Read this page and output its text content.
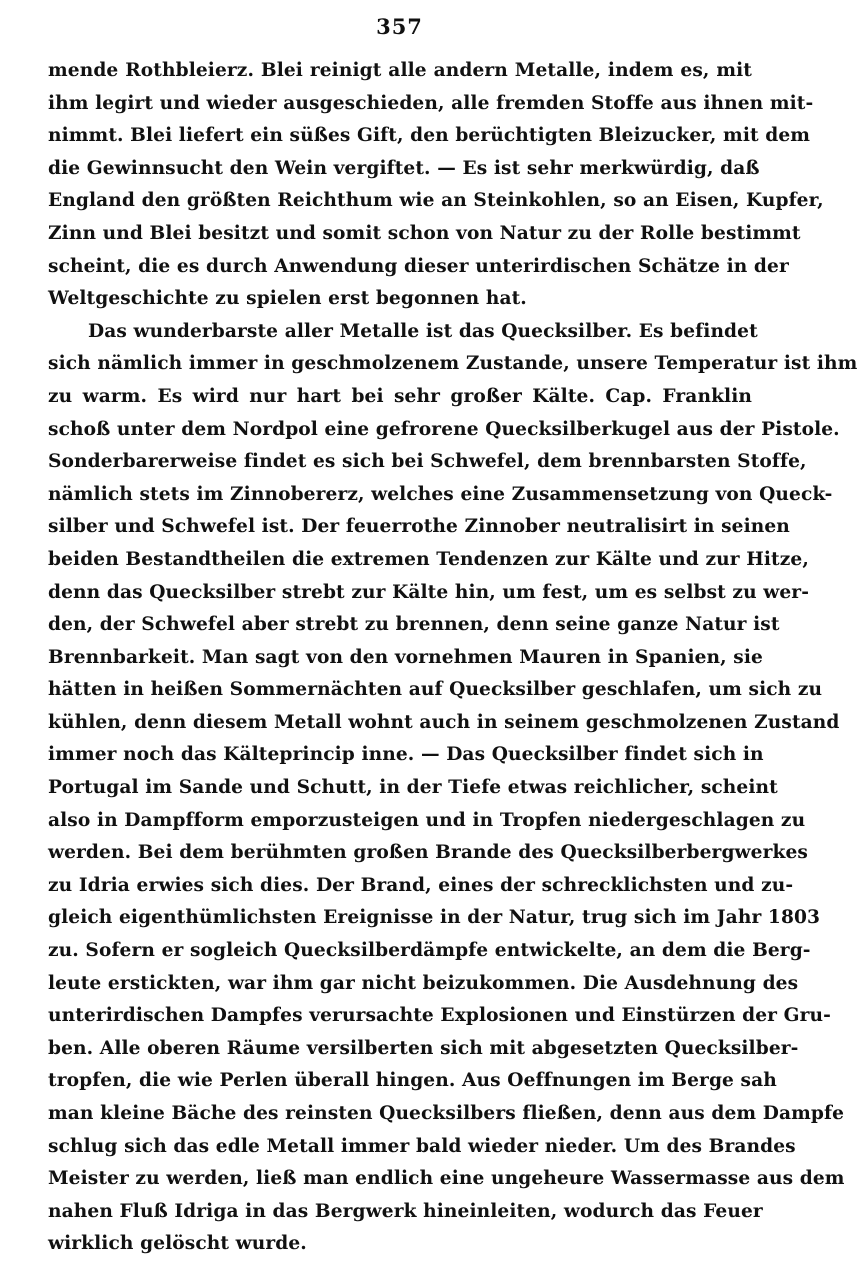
357
mende Rothbleierz. Blei reinigt alle andern Metalle, indem es, mit
ihm legirt und wieder ausgeschieden, alle fremden Stoffe aus ihnen mit-
nimmt. Blei liefert ein süßes Gift, den berüchtigten Bleizucker, mit dem
die Gewinnsucht den Wein vergiftet. — Es ist sehr merkwürdig, daß
England den größten Reichthum wie an Steinkohlen, so an Eisen, Kupfer,
Zinn und Blei besitzt und somit schon von Natur zu der Rolle bestimmt
scheint, die es durch Anwendung dieser unterirdischen Schätze in der
Weltgeschichte zu spielen erst begonnen hat.
Das wunderbarste aller Metalle ist das Quecksilber. Es befindet
sich nämlich immer in geschmolzenem Zustande, unsere Temperatur ist ihm
zu warm. Es wird nur hart bei sehr großer Kälte. Cap. Franklin
schoß unter dem Nordpol eine gefrorene Quecksilberkugel aus der Pistole.
Sonderbarerweise findet es sich bei Schwefel, dem brennbarsten Stoffe,
nämlich stets im Zinnobererz, welches eine Zusammensetzung von Queck-
silber und Schwefel ist. Der feuerrothe Zinnober neutralisirt in seinen
beiden Bestandtheilen die extremen Tendenzen zur Kälte und zur Hitze,
denn das Quecksilber strebt zur Kälte hin, um fest, um es selbst zu wer-
den, der Schwefel aber strebt zu brennen, denn seine ganze Natur ist
Brennbarkeit. Man sagt von den vornehmen Mauren in Spanien, sie
hätten in heißen Sommernächten auf Quecksilber geschlafen, um sich zu
kühlen, denn diesem Metall wohnt auch in seinem geschmolzenen Zustand
immer noch das Kälteprincip inne. — Das Quecksilber findet sich in
Portugal im Sande und Schutt, in der Tiefe etwas reichlicher, scheint
also in Dampfform emporzusteigen und in Tropfen niedergeschlagen zu
werden. Bei dem berühmten großen Brande des Quecksilberbergwerkes
zu Idria erwies sich dies. Der Brand, eines der schrecklichsten und zu-
gleich eigenthümlichsten Ereignisse in der Natur, trug sich im Jahr 1803
zu. Sofern er sogleich Quecksilberdämpfe entwickelte, an dem die Berg-
leute erstickten, war ihm gar nicht beizukommen. Die Ausdehnung des
unterirdischen Dampfes verursachte Explosionen und Einstürzen der Gru-
ben. Alle oberen Räume versilberten sich mit abgesetzten Quecksilber-
tropfen, die wie Perlen überall hingen. Aus Oeffnungen im Berge sah
man kleine Bäche des reinsten Quecksilbers fließen, denn aus dem Dampfe
schlug sich das edle Metall immer bald wieder nieder. Um des Brandes
Meister zu werden, ließ man endlich eine ungeheure Wassermasse aus dem
nahen Fluß Idriga in das Bergwerk hineinleiten, wodurch das Feuer
wirklich gelöscht wurde.
